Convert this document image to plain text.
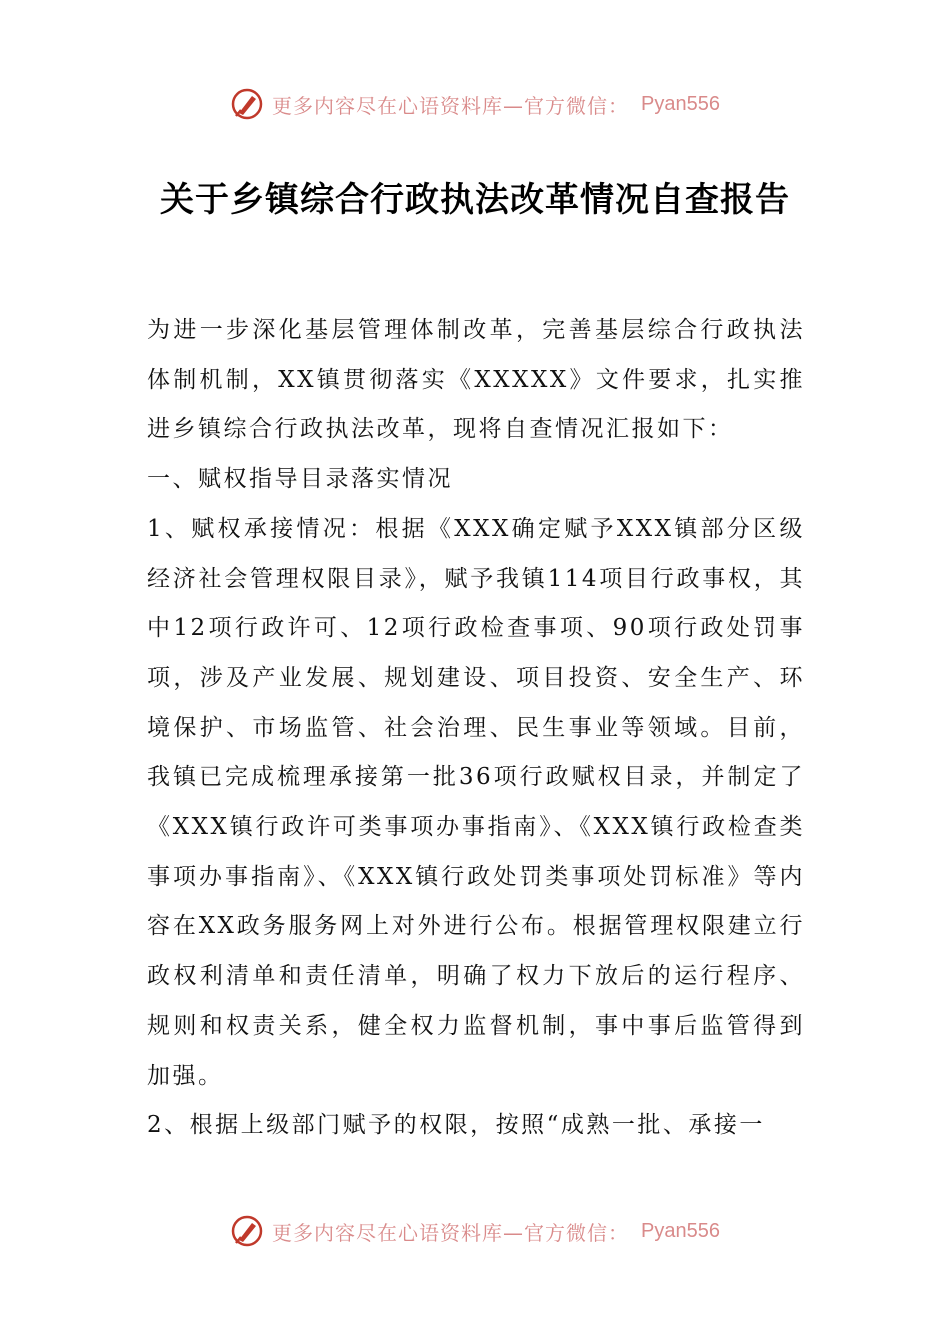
更多内容尽在心语资料库—官方微信： Pyan556
关于乡镇综合行政执法改革情况自查报告

为进一步深化基层管理体制改革，完善基层综合行政执法体制机制，XX镇贯彻落实《XXXXX》文件要求，扎实推进乡镇综合行政执法改革，现将自查情况汇报如下：

一、赋权指导目录落实情况

1、赋权承接情况：根据《XXX确定赋予XXX镇部分区级经济社会管理权限目录》，赋予我镇114项目行政事权，其中12项行政许可、12项行政检查事项、90项行政处罚事项，涉及产业发展、规划建设、项目投资、安全生产、环境保护、市场监管、社会治理、民生事业等领域。目前，我镇已完成梳理承接第一批36项行政赋权目录，并制定了《XXX镇行政许可类事项办事指南》、《XXX镇行政检查类事项办事指南》、《XXX镇行政处罚类事项处罚标准》等内容在XX政务服务网上对外进行公布。根据管理权限建立行政权利清单和责任清单，明确了权力下放后的运行程序、规则和权责关系，健全权力监督机制，事中事后监管得到加强。

2、根据上级部门赋予的权限，按照“成熟一批、承接一

更多内容尽在心语资料库—官方微信： Pyan556
